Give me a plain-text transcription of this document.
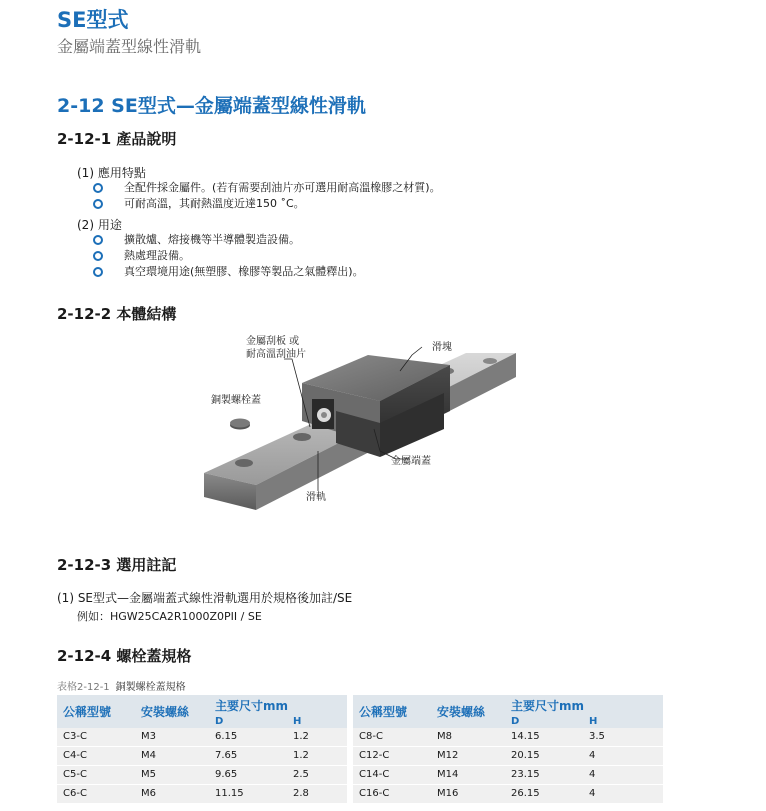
SE型式
金屬端蓋型線性滑軌
2-12 SE型式—金屬端蓋型線性滑軌
2-12-1 產品說明
(1) 應用特點
全配件採金屬件。(若有需要刮油片亦可選用耐高溫橡膠之材質)。
可耐高溫，其耐熱溫度近達150 ˚C。
(2) 用途
擴散爐、熔接機等半導體製造設備。
熱處理設備。
真空環境用途(無塑膠、橡膠等製品之氣體釋出)。
2-12-2 本體結構
金屬刮板 或
耐高溫刮油片
滑塊
銅製螺栓蓋
金屬端蓋
滑軌
2-12-3 選用註記
(1) SE型式—金屬端蓋式線性滑軌選用於規格後加註/SE
例如：HGW25CA2R1000Z0PII / SE
2-12-4 螺栓蓋規格
表格2-12-1 銅製螺栓蓋規格
公稱型號	安裝螺絲	主要尺寸mm			公稱型號	安裝螺絲	主要尺寸mm	
		D	H				D	H
C3-C	M3	6.15	1.2		C8-C	M8	14.15	3.5
C4-C	M4	7.65	1.2		C12-C	M12	20.15	4
C5-C	M5	9.65	2.5		C14-C	M14	23.15	4
C6-C	M6	11.15	2.8		C16-C	M16	26.15	4
